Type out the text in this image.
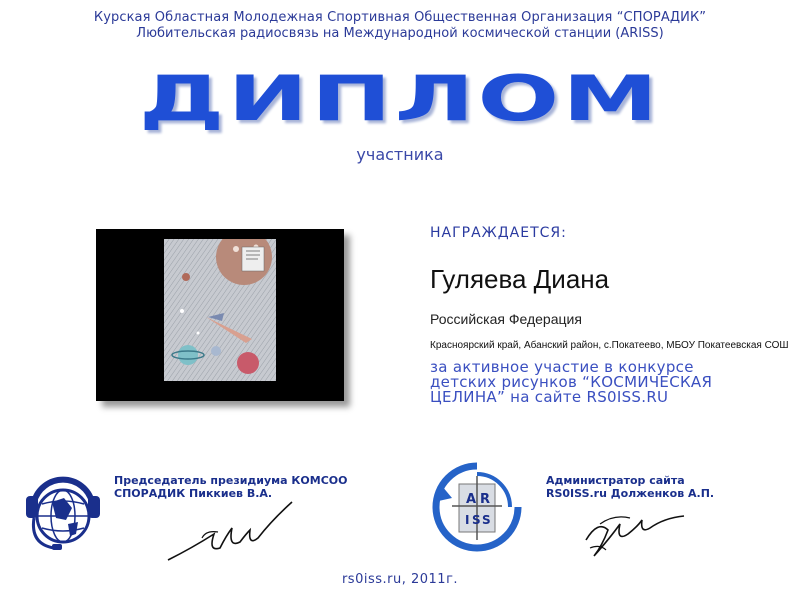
Курская Областная Молодежная Спортивная Общественная Организация “СПОРАДИК”
Любительская радиосвязь на Международной космической станции (ARISS)
ДИПЛОМ
участника
НАГРАЖДАЕТСЯ:
Гуляева Диана
Российская Федерация
Красноярский край, Абанский район, с.Покатеево, МБОУ Покатеевская СОШ
за активное участие в конкурсе
детских рисунков “КОСМИЧЕСКАЯ
ЦЕЛИНА” на сайте RS0ISS.RU
Председатель президиума КОМСОО
СПОРАДИК Пиккиев В.А.	A R
I S S
Администратор сайта
RS0ISS.ru Долженков А.П.
rs0iss.ru, 2011г.
